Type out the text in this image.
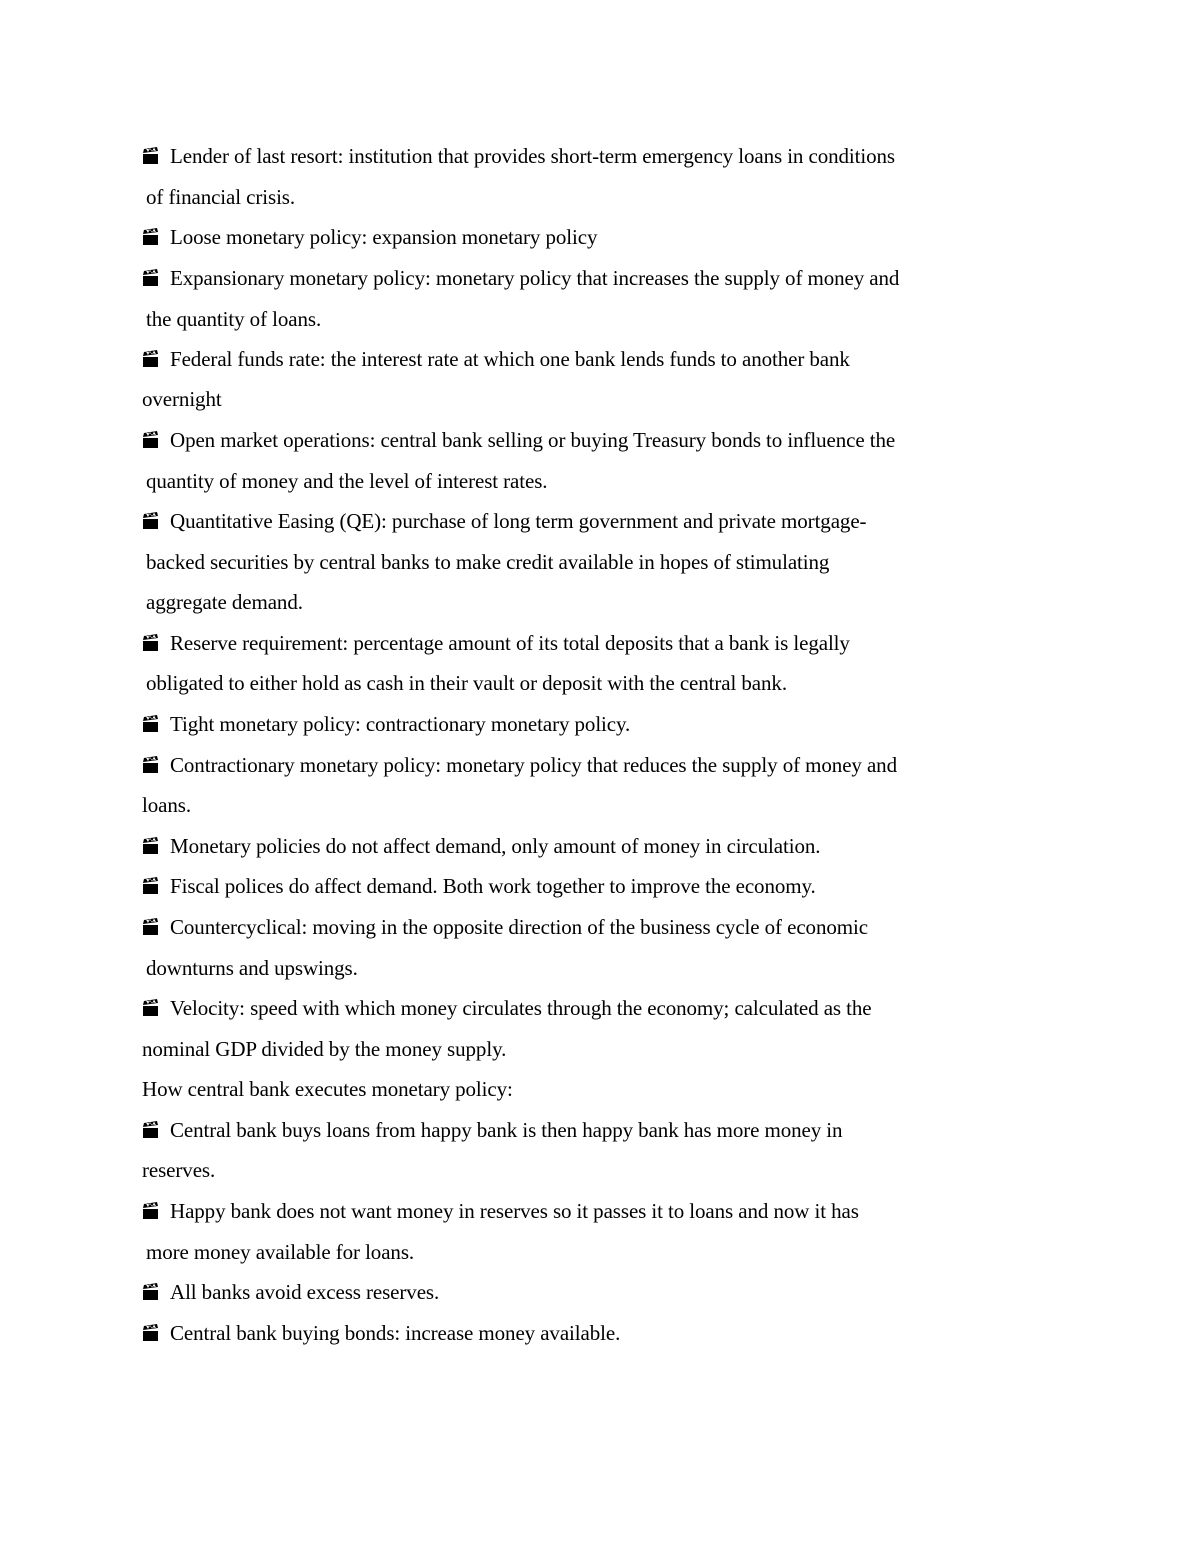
Lender of last resort: institution that provides short-term emergency loans in conditions
of financial crisis.
Loose monetary policy: expansion monetary policy
Expansionary monetary policy: monetary policy that increases the supply of money and
the quantity of loans.
Federal funds rate: the interest rate at which one bank lends funds to another bank
overnight
Open market operations: central bank selling or buying Treasury bonds to influence the
quantity of money and the level of interest rates.
Quantitative Easing (QE): purchase of long term government and private mortgage-
backed securities by central banks to make credit available in hopes of stimulating
aggregate demand.
Reserve requirement: percentage amount of its total deposits that a bank is legally
obligated to either hold as cash in their vault or deposit with the central bank.
Tight monetary policy: contractionary monetary policy.
Contractionary monetary policy: monetary policy that reduces the supply of money and
loans.
Monetary policies do not affect demand, only amount of money in circulation.
Fiscal polices do affect demand. Both work together to improve the economy.
Countercyclical: moving in the opposite direction of the business cycle of economic
downturns and upswings.
Velocity: speed with which money circulates through the economy; calculated as the
nominal GDP divided by the money supply.
How central bank executes monetary policy:
Central bank buys loans from happy bank is then happy bank has more money in
reserves.
Happy bank does not want money in reserves so it passes it to loans and now it has
more money available for loans.
All banks avoid excess reserves.
Central bank buying bonds: increase money available.
